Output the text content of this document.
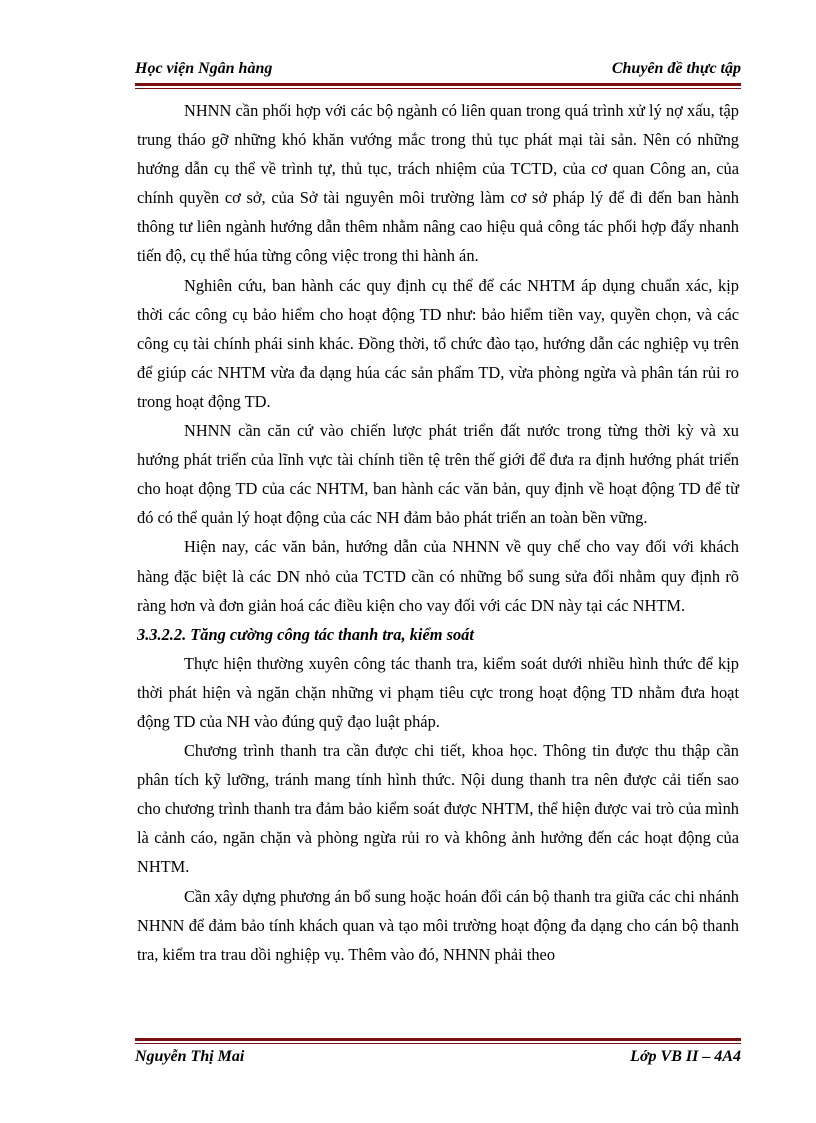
Học viện Ngân hàng	Chuyên đề thực tập

NHNN cần phối hợp với các bộ ngành có liên quan trong quá trình xử lý nợ xấu, tập trung tháo gỡ những khó khăn vướng mắc trong thủ tục phát mại tài sản. Nên có những hướng dẫn cụ thể về trình tự, thủ tục, trách nhiệm của TCTD, của cơ quan Công an, của chính quyền cơ sở, của Sở tài nguyên môi trường làm cơ sở pháp lý để đi đến ban hành thông tư liên ngành hướng dẫn thêm nhằm nâng cao hiệu quả công tác phối hợp đẩy nhanh tiến độ, cụ thể húa từng công việc trong thi hành án.

Nghiên cứu, ban hành các quy định cụ thể để các NHTM áp dụng chuẩn xác, kịp thời các công cụ bảo hiểm cho hoạt động TD như: bảo hiểm tiền vay, quyền chọn, và các công cụ tài chính phái sinh khác. Đồng thời, tổ chức đào tạo, hướng dẫn các nghiệp vụ trên để giúp các NHTM vừa đa dạng húa các sản phẩm TD, vừa phòng ngừa và phân tán rủi ro trong hoạt động TD.

NHNN cần căn cứ vào chiến lược phát triển đất nước trong từng thời kỳ và xu hướng phát triển của lĩnh vực tài chính tiền tệ trên thế giới để đưa ra định hướng phát triển cho hoạt động TD của các NHTM, ban hành các văn bản, quy định về hoạt động TD để từ đó có thể quản lý hoạt động của các NH đảm bảo phát triển an toàn bền vững.

Hiện nay, các văn bản, hướng dẫn của NHNN về quy chế cho vay đối với khách hàng đặc biệt là các DN nhỏ của TCTD cần có những bổ sung sửa đổi nhằm quy định rõ ràng hơn và đơn giản hoá các điều kiện cho vay đối với các DN này tại các NHTM.

3.3.2.2. Tăng cường công tác thanh tra, kiểm soát

Thực hiện thường xuyên công tác thanh tra, kiểm soát dưới nhiều hình thức để kịp thời phát hiện và ngăn chặn những vi phạm tiêu cực trong hoạt động TD nhằm đưa hoạt động TD của NH vào đúng quỹ đạo luật pháp.

Chương trình thanh tra cần được chi tiết, khoa học. Thông tin được thu thập cần phân tích kỹ lưỡng, tránh mang tính hình thức. Nội dung thanh tra nên được cải tiến sao cho chương trình thanh tra đảm bảo kiểm soát được NHTM, thể hiện được vai trò của mình là cảnh cáo, ngăn chặn và phòng ngừa rủi ro và không ảnh hưởng đến các hoạt động của NHTM.

Cần xây dựng phương án bổ sung hoặc hoán đổi cán bộ thanh tra giữa các chi nhánh NHNN để đảm bảo tính khách quan và tạo môi trường hoạt động đa dạng cho cán bộ thanh tra, kiểm tra trau dồi nghiệp vụ. Thêm vào đó, NHNN phải theo

Nguyễn Thị Mai	Lớp VB II – 4A4
